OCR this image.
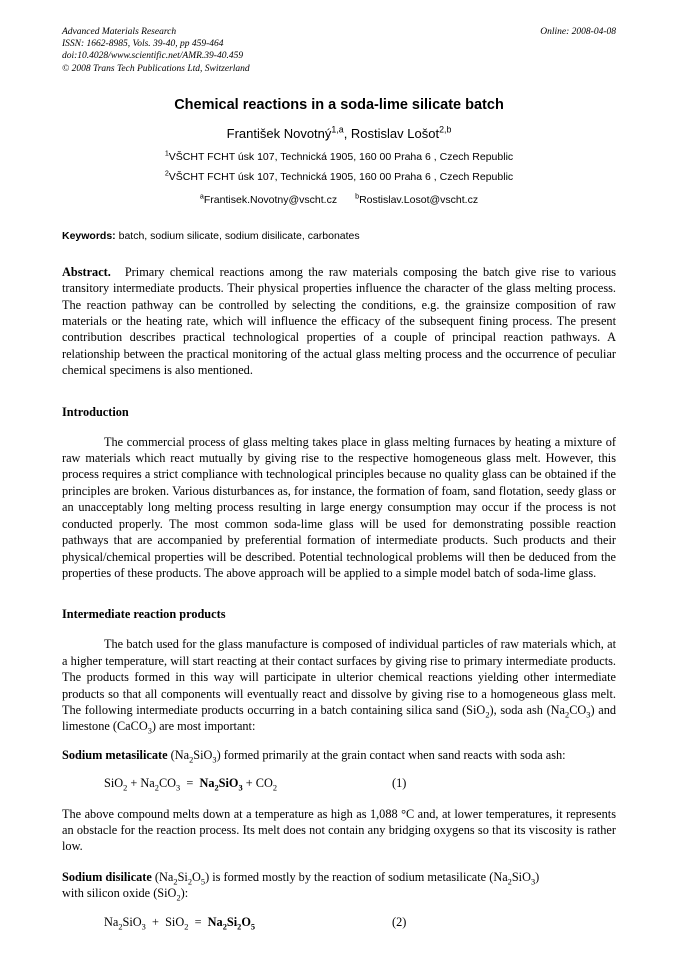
Advanced Materials Research
ISSN: 1662-8985, Vols. 39-40, pp 459-464
doi:10.4028/www.scientific.net/AMR.39-40.459
© 2008 Trans Tech Publications Ltd, Switzerland
Online: 2008-04-08
Chemical reactions in a soda-lime silicate batch
František Novotný$^{1,a}$, Rostislav Lošot$^{2,b}$
$^1$VŠCHT FCHT úsk 107, Technická 1905, 160 00 Praha 6 , Czech Republic
$^2$VŠCHT FCHT úsk 107, Technická 1905, 160 00 Praha 6 , Czech Republic
$^a$Frantisek.Novotny@vscht.cz	$^b$Rostislav.Losot@vscht.cz
Keywords: batch, sodium silicate, sodium disilicate, carbonates
Abstract. Primary chemical reactions among the raw materials composing the batch give rise to various transitory intermediate products. Their physical properties influence the character of the glass melting process. The reaction pathway can be controlled by selecting the conditions, e.g. the grainsize composition of raw materials or the heating rate, which will influence the efficacy of the subsequent fining process. The present contribution describes practical technological properties of a couple of principal reaction pathways. A relationship between the practical monitoring of the actual glass melting process and the occurrence of peculiar chemical specimens is also mentioned.
Introduction

The commercial process of glass melting takes place in glass melting furnaces by heating a mixture of raw materials which react mutually by giving rise to the respective homogeneous glass melt. However, this process requires a strict compliance with technological principles because no quality glass can be obtained if the principles are broken. Various disturbances as, for instance, the formation of foam, sand flotation, seedy glass or an unacceptably long melting process resulting in large energy consumption may occur if the process is not conducted properly. The most common soda-lime glass will be used for demonstrating possible reaction pathways that are accompanied by preferential formation of intermediate products. Such products and their physical/chemical properties will be described. Potential technological problems will then be deduced from the properties of these products. The above approach will be applied to a simple model batch of soda-lime glass.

Intermediate reaction products

The batch used for the glass manufacture is composed of individual particles of raw materials which, at a higher temperature, will start reacting at their contact surfaces by giving rise to primary intermediate products. The products formed in this way will participate in ulterior chemical reactions yielding other intermediate products so that all components will eventually react and dissolve by giving rise to a homogeneous glass melt. The following intermediate products occurring in a batch containing silica sand (SiO$_2$), soda ash $(Na_2CO_3)$ and limestone (CaCO$_3$) are most important:

Sodium metasilicate $(Na_2SiO_3)$ formed primarily at the grain contact when sand reacts with soda ash:

$SiO_2 + Na_2CO_3 = Na_2SiO_3 + CO_2$	(1)

The above compound melts down at a temperature as high as 1,088 °C and, at lower temperatures, it represents an obstacle for the reaction process. Its melt does not contain any bridging oxygens so that its viscosity is rather low.

Sodium disilicate $(Na_2Si_2O_5)$ is formed mostly by the reaction of sodium metasilicate $(Na_2SiO_3)$
with silicon oxide (SiO$_2$):

$Na_2SiO_3 + SiO_2 = Na_2Si_2O_5$	(2)
